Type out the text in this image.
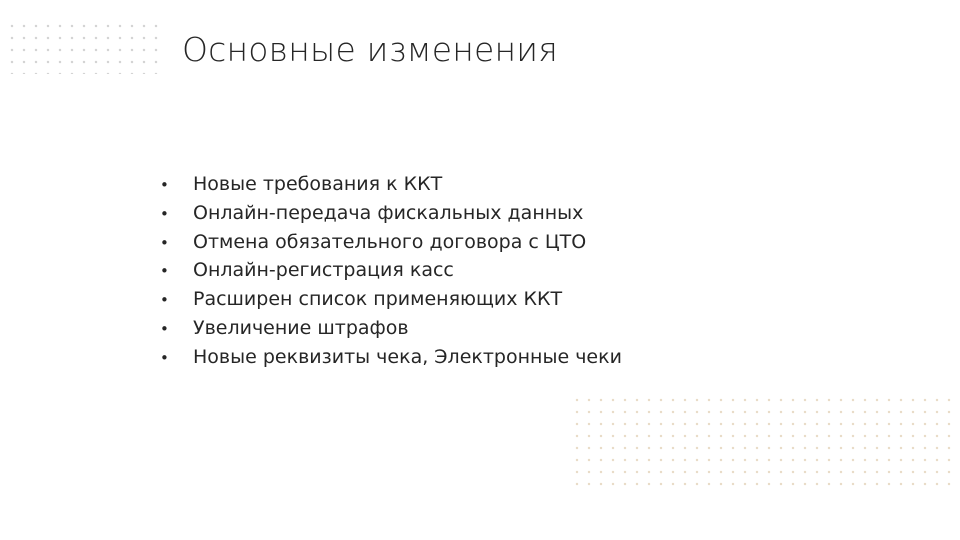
Основные изменения
•	Новые требования к ККТ
•	Онлайн-передача фискальных данных
•	Отмена обязательного договора с ЦТО
•	Онлайн-регистрация касс
•	Расширен список применяющих ККТ
•	Увеличение штрафов
•	Новые реквизиты чека, Электронные чеки
